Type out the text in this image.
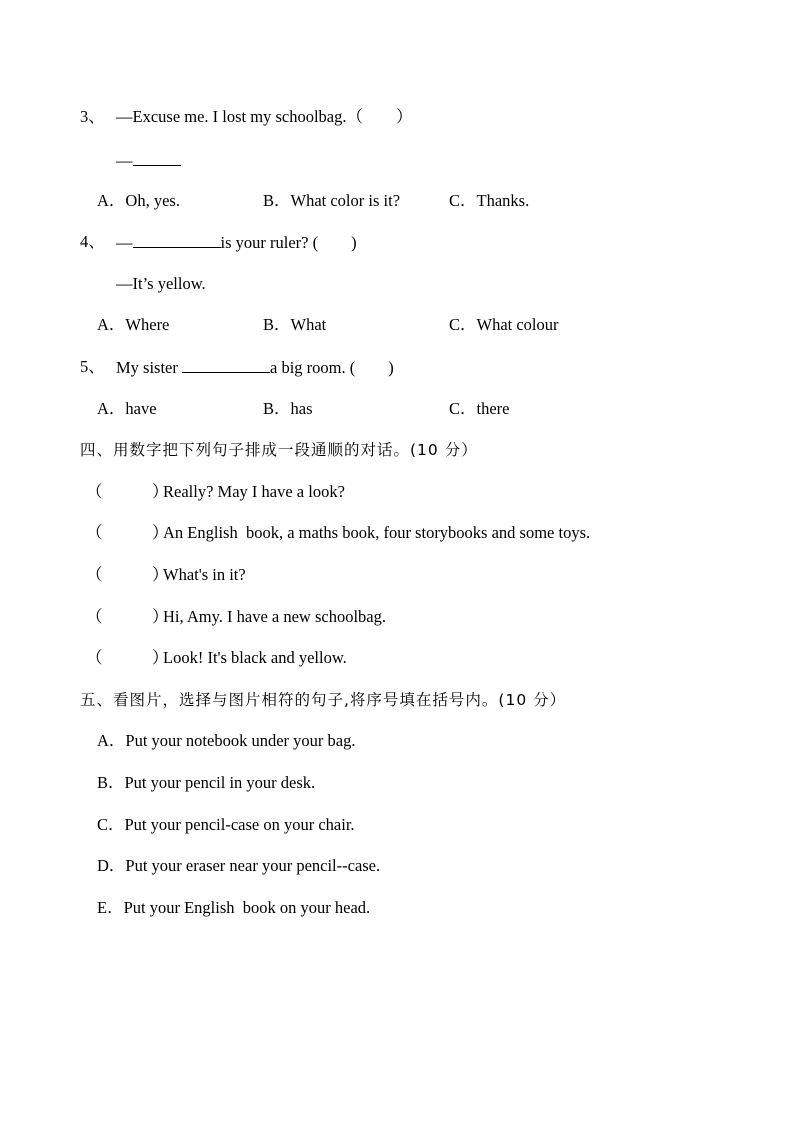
3、 —Excuse me. I lost my schoolbag.（　　）
—
A．Oh, yes.	B．What color is it?	C．Thanks.
4、 —	is your ruler? (　　)
—It’s yellow.
A．Where	B．What	C．What colour
5、 My sister	a big room. (　　)
A．have	B．has	C．there
四、用数字把下列句子排成一段通顺的对话。(10 分）
（　　　）
Really? May I have a look?
（　　　）
An English  book, a maths book, four storybooks and some toys.
（　　　）
What's in it?
（　　　）
Hi, Amy. I have a new schoolbag.
（　　　）
Look! It's black and yellow.
五、看图片，选择与图片相符的句子,将序号填在括号内。(10 分）
A．Put your notebook under your bag.
B．Put your pencil in your desk.
C．Put your pencil-case on your chair.
D．Put your eraser near your pencil--case.
E．Put your English  book on your head.
